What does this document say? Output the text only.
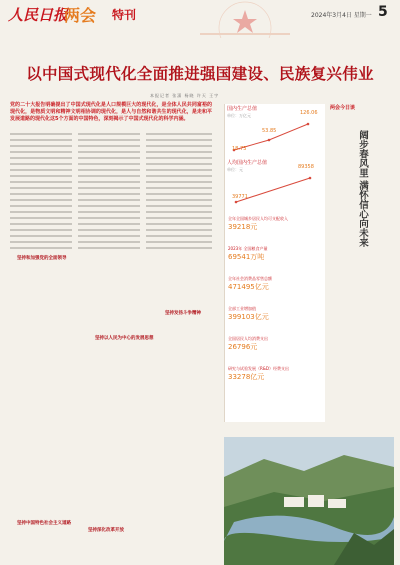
人民日报
两会 特刊	2024年3月4日 星期一 5
以中国式现代化全面推进强国建设、民族复兴伟业
本报记者 张潇 杨晓 许天 王宇
党的二十大报告明确提出了中国式现代化是人口规模巨大的现代化，是全体人民共同富裕的现代化，是物质文明和精神文明相协调的现代化，是人与自然和谐共生的现代化，是走和平发展道路的现代化这5个方面的中国特色，深刻揭示了中国式现代化的科学内涵。
坚持和加强党的全面领导
坚持以人民为中心的发展思想
坚持中国特色社会主义道路
坚持发扬斗争精神
坚持深化改革开放
国内生产总值
单位：万亿元
18.73
53.85
126.06
人均国内生产总值
单位：元
39771
89358
全年全国城乡居民人均可支配收入
39218元
2023年 全国粮食产量
69541万吨
全年社会消费品零售总额
471495亿元
全部工业增加值
399103亿元
全国居民人均消费支出
26796元
研究与试验发展（R&D）经费支出
33278亿元
两会今日谈
阔步春风里 满怀信心向未来
